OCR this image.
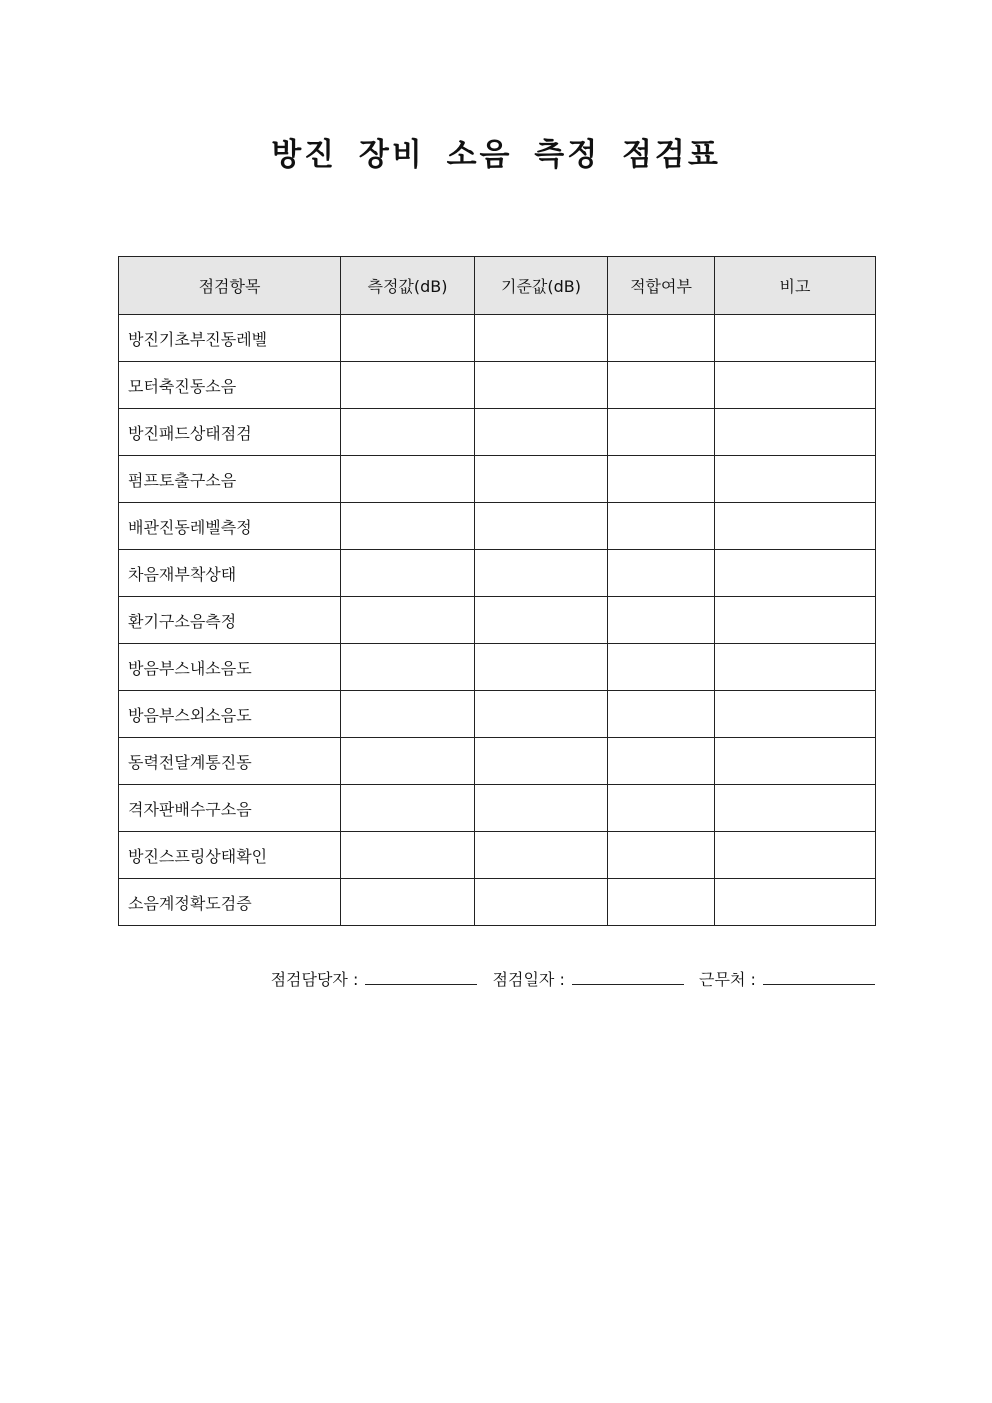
방진 장비 소음 측정 점검표
점검항목	측정값(dB)	기준값(dB)	적합여부	비고
방진기초부진동레벨				
모터축진동소음				
방진패드상태점검				
펌프토출구소음				
배관진동레벨측정				
차음재부착상태				
환기구소음측정				
방음부스내소음도				
방음부스외소음도				
동력전달계통진동				
격자판배수구소음				
방진스프링상태확인				
소음계정확도검증				
점검담당자 :	점검일자 :	근무처 :
